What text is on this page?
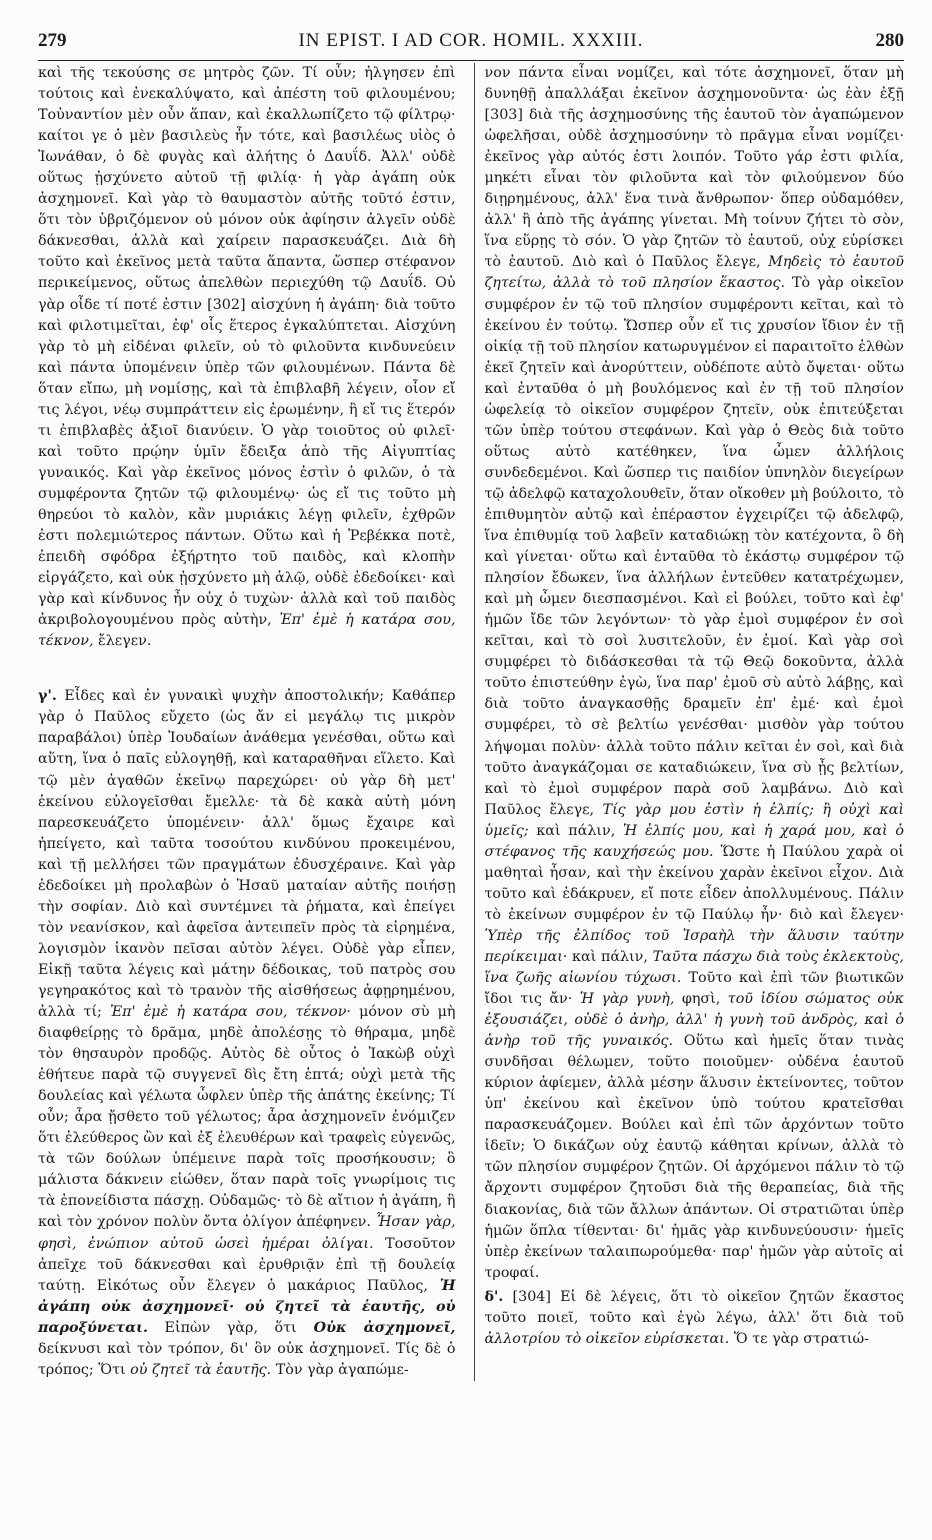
279	IN EPIST. I AD COR. HOMIL. XXXIII.	280

καὶ τῆς τεκούσης σε μητρὸς ζῶν. Τί οὖν; ἠλγησεν ἐπὶ τούτοις καὶ ἐνεκαλύψατο, καὶ ἀπέστη τοῦ φιλουμένου; Τοὐναντίον μὲν οὖν ἅπαν, καὶ ἐκαλλωπίζετο τῷ φίλτρῳ· καίτοι γε ὁ μὲν βασιλεὺς ἦν τότε, καὶ βασιλέως υἱὸς ὁ Ἰωνάθαν, ὁ δὲ φυγὰς καὶ ἀλήτης ὁ Δαυΐδ. Ἀλλ' οὐδὲ οὕτως ᾐσχύνετο αὐτοῦ τῇ φιλίᾳ· ἡ γὰρ ἀγάπη οὐκ ἀσχημονεῖ. Καὶ γὰρ τὸ θαυμαστὸν αὐτῆς τοῦτό ἐστιν, ὅτι τὸν ὑβριζόμενον οὐ μόνον οὐκ ἀφίησιν ἀλγεῖν οὐδὲ δάκνεσθαι, ἀλλὰ καὶ χαίρειν παρασκευάζει. Διὰ δὴ τοῦτο καὶ ἐκεῖνος μετὰ ταῦτα ἅπαντα, ὥσπερ στέφανον περικείμενος, οὕτως ἀπελθὼν περιεχύθη τῷ Δαυΐδ. Οὐ γὰρ οἶδε τί ποτέ ἐστιν [302] αἰσχύνη ἡ ἀγάπη· διὰ τοῦτο καὶ φιλοτιμεῖται, ἐφ' οἷς ἕτερος ἐγκαλύπτεται. Αἰσχύνη γὰρ τὸ μὴ εἰδέναι φιλεῖν, οὐ τὸ φιλοῦντα κινδυνεύειν καὶ πάντα ὑπομένειν ὑπὲρ τῶν φιλουμένων. Πάντα δὲ ὅταν εἴπω, μὴ νομίσῃς, καὶ τὰ ἐπιβλαβῆ λέγειν, οἷον εἴ τις λέγοι, νέῳ συμπράττειν εἰς ἐρωμένην, ἢ εἴ τις ἕτερόν τι ἐπιβλαβὲς ἀξιοῖ διανύειν. Ὁ γὰρ τοιοῦτος οὐ φιλεῖ· καὶ τοῦτο πρῴην ὑμῖν ἔδειξα ἀπὸ τῆς Αἰγυπτίας γυναικός. Καὶ γὰρ ἐκεῖνος μόνος ἐστὶν ὁ φιλῶν, ὁ τὰ συμφέροντα ζητῶν τῷ φιλουμένῳ· ὡς εἴ τις τοῦτο μὴ θηρεύοι τὸ καλὸν, κἂν μυριάκις λέγῃ φιλεῖν, ἐχθρῶν ἐστι πολεμιώτερος πάντων. Οὕτω καὶ ἡ Ῥεβέκκα ποτὲ, ἐπειδὴ σφόδρα ἐξήρτητο τοῦ παιδὸς, καὶ κλοπὴν εἰργάζετο, καὶ οὐκ ᾐσχύνετο μὴ ἁλῷ, οὐδὲ ἐδεδοίκει· καὶ γὰρ καὶ κίνδυνος ἦν οὐχ ὁ τυχὼν· ἀλλὰ καὶ τοῦ παιδὸς ἀκριβολογουμένου πρὸς αὐτὴν, Ἐπ' ἐμὲ ἡ κατάρα σου, τέκνον, ἔλεγεν.

γ'. Εἶδες καὶ ἐν γυναικὶ ψυχὴν ἀποστολικήν; Καθάπερ γὰρ ὁ Παῦλος εὔχετο (ὡς ἄν εἰ μεγάλῳ τις μικρὸν παραβάλοι) ὑπὲρ Ἰουδαίων ἀνάθεμα γενέσθαι, οὕτω καὶ αὕτη, ἵνα ὁ παῖς εὐλογηθῇ, καὶ καταραθῆναι εἵλετο. Καὶ τῷ μὲν ἀγαθῶν ἐκεῖνῳ παρεχώρει· οὐ γὰρ δὴ μετ' ἐκείνου εὐλογεῖσθαι ἔμελλε· τὰ δὲ κακὰ αὐτὴ μόνη παρεσκευάζετο ὑπομένειν· ἀλλ' ὅμως ἔχαιρε καὶ ἠπείγετο, καὶ ταῦτα τοσούτου κινδύνου προκειμένου, καὶ τῇ μελλήσει τῶν πραγμάτων ἐδυσχέραινε. Καὶ γὰρ ἐδεδοίκει μὴ προλαβὼν ὁ Ἡσαῦ ματαίαν αὐτῆς ποιήσῃ τὴν σοφίαν. Διὸ καὶ συντέμνει τὰ ῥήματα, καὶ ἐπείγει τὸν νεανίσκον, καὶ ἀφεῖσα ἀντειπεῖν πρὸς τὰ εἰρημένα, λογισμὸν ἱκανὸν πεῖσαι αὐτὸν λέγει. Οὐδὲ γὰρ εἶπεν, Εἰκῇ ταῦτα λέγεις καὶ μάτην δέδοικας, τοῦ πατρὸς σου γεγηρακότος καὶ τὸ τρανὸν τῆς αἰσθήσεως ἀφῃρημένου, ἀλλὰ τί; Ἐπ' ἐμὲ ἡ κατάρα σου, τέκνον· μόνον σὺ μὴ διαφθείρῃς τὸ δρᾶμα, μηδὲ ἀπολέσῃς τὸ θήραμα, μηδὲ τὸν θησαυρὸν προδῷς. Αὐτὸς δὲ οὗτος ὁ Ἰακὼβ οὐχὶ ἐθήτευε παρὰ τῷ συγγενεῖ δὶς ἔτη ἑπτά; οὐχὶ μετὰ τῆς δουλείας καὶ γέλωτα ὦφλεν ὑπὲρ τῆς ἀπάτης ἐκείνης; Τί οὖν; ἆρα ᾔσθετο τοῦ γέλωτος; ἆρα ἀσχημονεῖν ἐνόμιζεν ὅτι ἐλεύθερος ὢν καὶ ἐξ ἐλευθέρων καὶ τραφεὶς εὐγενῶς, τὰ τῶν δούλων ὑπέμεινε παρὰ τοῖς προσήκουσιν; ὃ μάλιστα δάκνειν εἰώθεν, ὅταν παρὰ τοῖς γνωρίμοις τις τὰ ἐπονείδιστα πάσχῃ. Οὐδαμῶς· τὸ δὲ αἴτιον ἡ ἀγάπη, ἣ καὶ τὸν χρόνον πολὺν ὄντα ὀλίγον ἀπέφηνεν. Ἦσαν γὰρ, φησὶ, ἐνώπιον αὐτοῦ ὡσεὶ ἡμέραι ὀλίγαι. Τοσοῦτον ἀπεῖχε τοῦ δάκνεσθαι καὶ ἐρυθριᾷν ἐπὶ τῇ δουλείᾳ ταύτῃ. Εἰκότως οὖν ἔλεγεν ὁ μακάριος Παῦλος, Ἡ ἀγάπη οὐκ ἀσχημονεῖ· οὐ ζητεῖ τὰ ἑαυτῆς, οὐ παροξύνεται. Εἰπὼν γὰρ, ὅτι Οὐκ ἀσχημονεῖ, δείκνυσι καὶ τὸν τρόπον, δι' ὃν οὐκ ἀσχημονεῖ. Τίς δὲ ὁ τρόπος; Ὅτι οὐ ζητεῖ τὰ ἑαυτῆς. Τὸν γὰρ ἀγαπώμε-

νον πάντα εἶναι νομίζει, καὶ τότε ἀσχημονεῖ, ὅταν μὴ δυνηθῇ ἀπαλλάξαι ἐκεῖνον ἀσχημονοῦντα· ὡς ἐὰν ἐξῇ [303] διὰ τῆς ἀσχημοσύνης τῆς ἑαυτοῦ τὸν ἀγαπώμενον ὠφελῆσαι, οὐδὲ ἀσχημοσύνην τὸ πρᾶγμα εἶναι νομίζει· ἐκεῖνος γὰρ αὐτός ἐστι λοιπόν. Τοῦτο γάρ ἐστι φιλία, μηκέτι εἶναι τὸν φιλοῦντα καὶ τὸν φιλούμενον δύο διῃρημένους, ἀλλ' ἕνα τινὰ ἄνθρωπον· ὅπερ οὐδαμόθεν, ἀλλ' ἢ ἀπὸ τῆς ἀγάπης γίνεται. Μὴ τοίνυν ζήτει τὸ σὸν, ἵνα εὕρῃς τὸ σόν. Ὁ γὰρ ζητῶν τὸ ἑαυτοῦ, οὐχ εὑρίσκει τὸ ἑαυτοῦ. Διὸ καὶ ὁ Παῦλος ἔλεγε, Μηδεὶς τὸ ἑαυτοῦ ζητείτω, ἀλλὰ τὸ τοῦ πλησίον ἕκαστος. Τὸ γὰρ οἰκεῖον συμφέρον ἐν τῷ τοῦ πλησίον συμφέροντι κεῖται, καὶ τὸ ἐκείνου ἐν τούτῳ. Ὥσπερ οὖν εἴ τις χρυσίον ἴδιον ἐν τῇ οἰκίᾳ τῇ τοῦ πλησίον κατωρυγμένον εἰ παραιτοῖτο ἐλθὼν ἐκεῖ ζητεῖν καὶ ἀνορύττειν, οὐδέποτε αὐτὸ ὄψεται· οὕτω καὶ ἐνταῦθα ὁ μὴ βουλόμενος καὶ ἐν τῇ τοῦ πλησίον ὠφελείᾳ τὸ οἰκεῖον συμφέρον ζητεῖν, οὐκ ἐπιτεύξεται τῶν ὑπὲρ τούτου στεφάνων. Καὶ γὰρ ὁ Θεὸς διὰ τοῦτο οὕτως αὐτὸ κατέθηκεν, ἵνα ὦμεν ἀλλήλοις συνδεδεμένοι. Καὶ ὥσπερ τις παιδίον ὑπνηλὸν διεγείρων τῷ ἀδελφῷ καταχολουθεῖν, ὅταν οἴκοθεν μὴ βούλοιτο, τὸ ἐπιθυμητὸν αὐτῷ καὶ ἐπέραστον ἐγχειρίζει τῷ ἀδελφῷ, ἵνα ἐπιθυμίᾳ τοῦ λαβεῖν καταδιώκῃ τὸν κατέχοντα, ὃ δὴ καὶ γίνεται· οὕτω καὶ ἐνταῦθα τὸ ἑκάστῳ συμφέρον τῷ πλησίον ἔδωκεν, ἵνα ἀλλήλων ἐντεῦθεν κατατρέχωμεν, καὶ μὴ ὦμεν διεσπασμένοι. Καὶ εἰ βούλει, τοῦτο καὶ ἐφ' ἡμῶν ἴδε τῶν λεγόντων· τὸ γὰρ ἐμοὶ συμφέρον ἐν σοὶ κεῖται, καὶ τὸ σοὶ λυσιτελοῦν, ἐν ἐμοί. Καὶ γὰρ σοὶ συμφέρει τὸ διδάσκεσθαι τὰ τῷ Θεῷ δοκοῦντα, ἀλλὰ τοῦτο ἐπιστεύθην ἐγὼ, ἵνα παρ' ἐμοῦ σὺ αὐτὸ λάβῃς, καὶ διὰ τοῦτο ἀναγκασθῇς δραμεῖν ἐπ' ἐμέ· καὶ ἐμοὶ συμφέρει, τὸ σὲ βελτίω γενέσθαι· μισθὸν γὰρ τούτου λήψομαι πολὺν· ἀλλὰ τοῦτο πάλιν κεῖται ἐν σοὶ, καὶ διὰ τοῦτο ἀναγκάζομαι σε καταδιώκειν, ἵνα σὺ ᾖς βελτίων, καὶ τὸ ἐμοὶ συμφέρον παρὰ σοῦ λαμβάνω. Διὸ καὶ Παῦλος ἔλεγε, Τίς γὰρ μου ἐστὶν ἡ ἐλπίς; ἢ οὐχὶ καὶ ὑμεῖς; καὶ πάλιν, Ἡ ἐλπίς μου, καὶ ἡ χαρά μου, καὶ ὁ στέφανος τῆς καυχήσεώς μου. Ὥστε ἡ Παύλου χαρὰ οἱ μαθηταὶ ἦσαν, καὶ τὴν ἐκείνου χαρὰν ἐκεῖνοι εἶχον. Διὰ τοῦτο καὶ ἐδάκρυεν, εἴ ποτε εἶδεν ἀπολλυμένους. Πάλιν τὸ ἐκείνων συμφέρον ἐν τῷ Παύλῳ ἦν· διὸ καὶ ἔλεγεν· Ὑπὲρ τῆς ἐλπίδος τοῦ Ἰσραὴλ τὴν ἅλυσιν ταύτην περίκειμαι· καὶ πάλιν, Ταῦτα πάσχω διὰ τοὺς ἐκλεκτοὺς, ἵνα ζωῆς αἰωνίου τύχωσι. Τοῦτο καὶ ἐπὶ τῶν βιωτικῶν ἴδοι τις ἄν· Ἡ γὰρ γυνὴ, φησὶ, τοῦ ἰδίου σώματος οὐκ ἐξουσιάζει, οὐδὲ ὁ ἀνὴρ, ἀλλ' ἡ γυνὴ τοῦ ἀνδρὸς, καὶ ὁ ἀνὴρ τοῦ τῆς γυναικός. Οὕτω καὶ ἡμεῖς ὅταν τινὰς συνδῆσαι θέλωμεν, τοῦτο ποιοῦμεν· οὐδένα ἑαυτοῦ κύριον ἀφίεμεν, ἀλλὰ μέσην ἅλυσιν ἐκτείνοντες, τοῦτον ὑπ' ἐκείνου καὶ ἐκεῖνον ὑπὸ τούτου κρατεῖσθαι παρασκευάζομεν. Βούλει καὶ ἐπὶ τῶν ἀρχόντων τοῦτο ἰδεῖν; Ὁ δικάζων οὐχ ἑαυτῷ κάθηται κρίνων, ἀλλὰ τὸ τῶν πλησίον συμφέρον ζητῶν. Οἱ ἀρχόμενοι πάλιν τὸ τῷ ἄρχοντι συμφέρον ζητοῦσι διὰ τῆς θεραπείας, διὰ τῆς διακονίας, διὰ τῶν ἄλλων ἁπάντων. Οἱ στρατιῶται ὑπὲρ ἡμῶν ὅπλα τίθενται· δι' ἡμᾶς γὰρ κινδυνεύουσιν· ἡμεῖς ὑπὲρ ἐκείνων ταλαιπωρούμεθα· παρ' ἡμῶν γὰρ αὐτοῖς αἱ τροφαί.

δ'. [304] Εἰ δὲ λέγεις, ὅτι τὸ οἰκεῖον ζητῶν ἕκαστος τοῦτο ποιεῖ, τοῦτο καὶ ἐγὼ λέγω, ἀλλ' ὅτι διὰ τοῦ ἀλλοτρίου τὸ οἰκεῖον εὑρίσκεται. Ὅ τε γὰρ στρατιώ-
